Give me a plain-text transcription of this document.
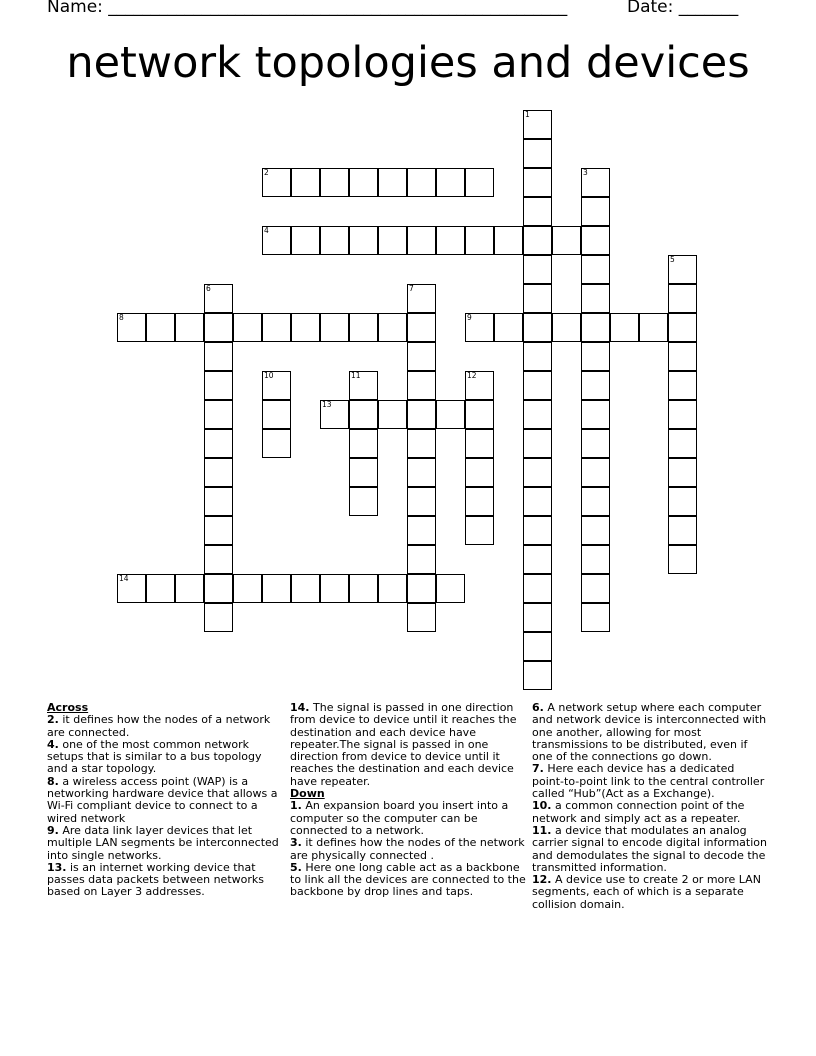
Name: ______________________________________________________	Date: _______
network topologies and devices
1
2	3
4
5
6	7
8	9
10	11	12
13
14

Across

2. it defines how the nodes of a network are connected.

4. one of the most common network setups that is similar to a bus topology and a star topology.

8. a wireless access point (WAP) is a networking hardware device that allows a Wi-Fi compliant device to connect to a wired network

9. Are data link layer devices that let multiple LAN segments be interconnected into single networks.

13. is an internet working device that passes data packets between networks based on Layer 3 addresses.

14. The signal is passed in one direction from device to device until it reaches the destination and each device have repeater.The signal is passed in one direction from device to device until it reaches the destination and each device have repeater.

Down

1. An expansion board you insert into a computer so the computer can be connected to a network.

3. it defines how the nodes of the network are physically connected .

5. Here one long cable act as a backbone to link all the devices are connected to the backbone by drop lines and taps.

6. A network setup where each computer and network device is interconnected with one another, allowing for most transmissions to be distributed, even if one of the connections go down.

7. Here each device has a dedicated point-to-point link to the central controller called “Hub”(Act as a Exchange).

10. a common connection point of the network and simply act as a repeater.

11. a device that modulates an analog carrier signal to encode digital information and demodulates the signal to decode the transmitted information.

12. A device use to create 2 or more LAN segments, each of which is a separate collision domain.
